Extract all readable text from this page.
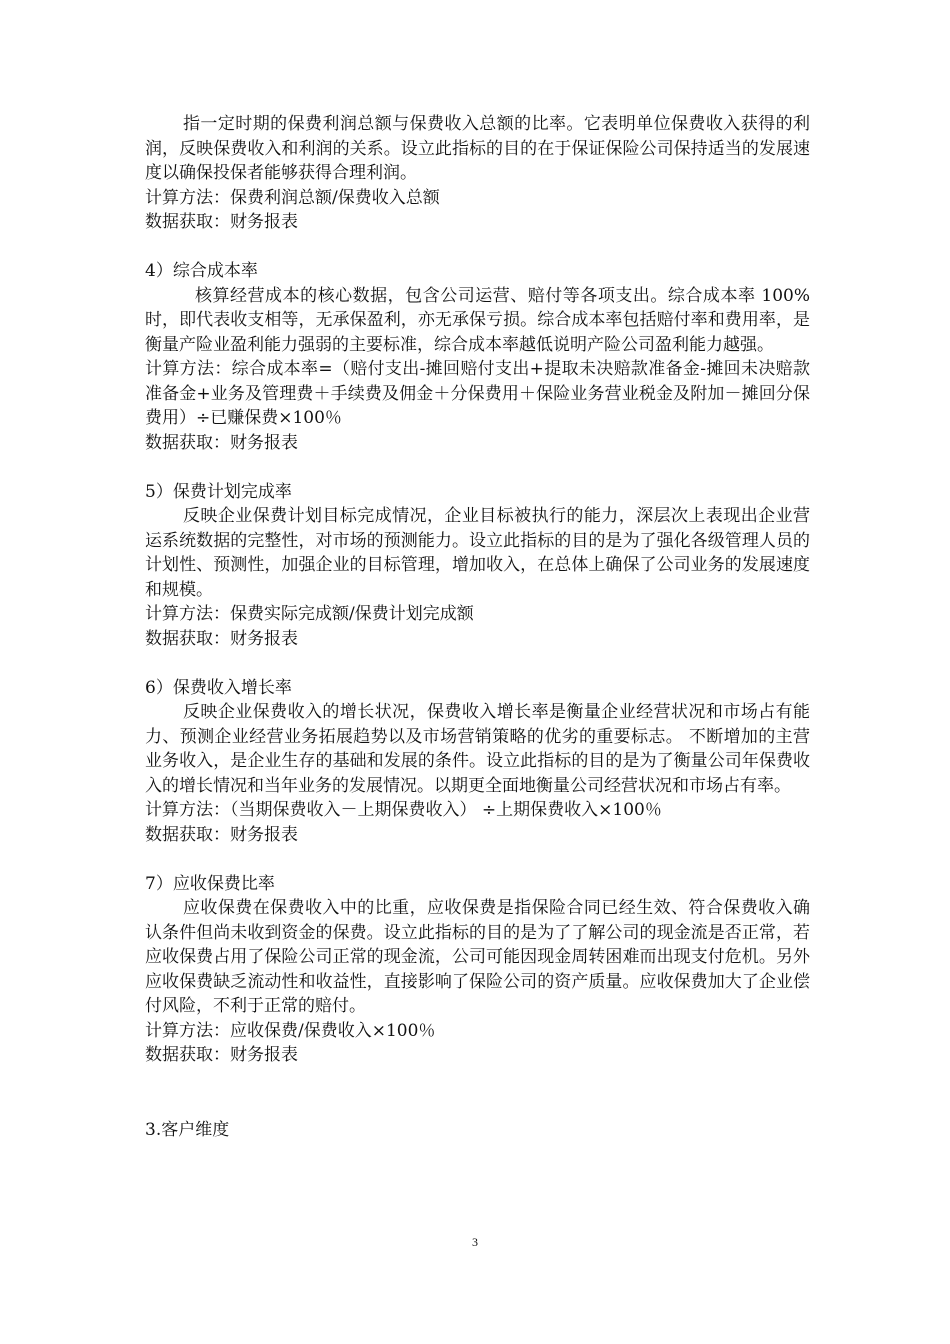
指一定时期的保费利润总额与保费收入总额的比率。它表明单位保费收入获得的利润，反映保费收入和利润的关系。设立此指标的目的在于保证保险公司保持适当的发展速度以确保投保者能够获得合理利润。

计算方法：保费利润总额/保费收入总额

数据获取：财务报表

4）综合成本率

核算经营成本的核心数据，包含公司运营、赔付等各项支出。综合成本率 100%时，即代表收支相等，无承保盈利，亦无承保亏损。综合成本率包括赔付率和费用率，是衡量产险业盈利能力强弱的主要标准，综合成本率越低说明产险公司盈利能力越强。

计算方法：综合成本率=（赔付支出-摊回赔付支出+提取未决赔款准备金-摊回未决赔款准备金+业务及管理费＋手续费及佣金＋分保费用＋保险业务营业税金及附加－摊回分保费用）÷已赚保费×100％

数据获取：财务报表

5）保费计划完成率

反映企业保费计划目标完成情况，企业目标被执行的能力，深层次上表现出企业营运系统数据的完整性，对市场的预测能力。设立此指标的目的是为了强化各级管理人员的计划性、预测性，加强企业的目标管理，增加收入，在总体上确保了公司业务的发展速度和规模。

计算方法：保费实际完成额/保费计划完成额

数据获取：财务报表

6）保费收入增长率

反映企业保费收入的增长状况，保费收入增长率是衡量企业经营状况和市场占有能力、预测企业经营业务拓展趋势以及市场营销策略的优劣的重要标志。 不断增加的主营业务收入，是企业生存的基础和发展的条件。设立此指标的目的是为了衡量公司年保费收入的增长情况和当年业务的发展情况。以期更全面地衡量公司经营状况和市场占有率。

计算方法：（当期保费收入－上期保费收入） ÷上期保费收入×100％

数据获取：财务报表

7）应收保费比率

应收保费在保费收入中的比重，应收保费是指保险合同已经生效、符合保费收入确认条件但尚未收到资金的保费。设立此指标的目的是为了了解公司的现金流是否正常，若应收保费占用了保险公司正常的现金流，公司可能因现金周转困难而出现支付危机。另外应收保费缺乏流动性和收益性，直接影响了保险公司的资产质量。应收保费加大了企业偿付风险，不利于正常的赔付。

计算方法：应收保费/保费收入×100％

数据获取：财务报表

3.客户维度

3
